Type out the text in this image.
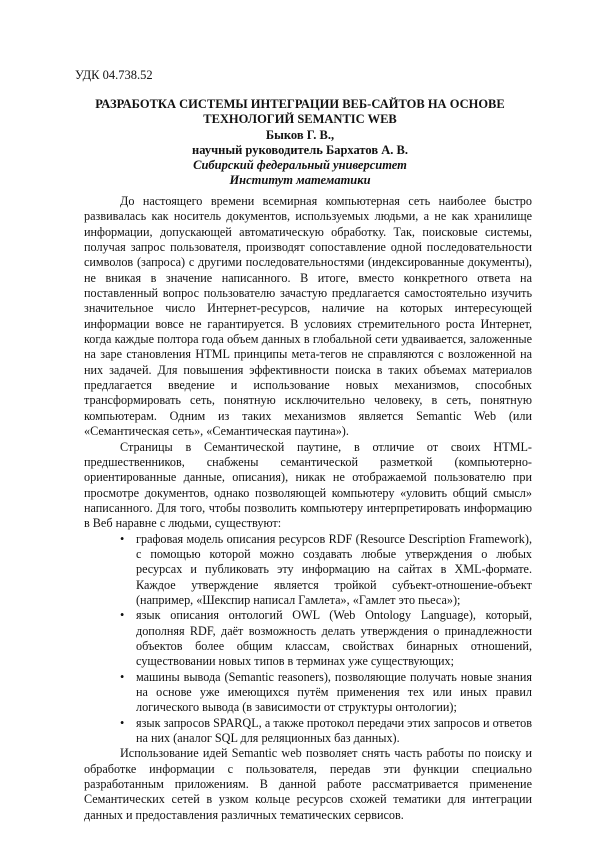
УДК 04.738.52
РАЗРАБОТКА СИСТЕМЫ ИНТЕГРАЦИИ ВЕБ-САЙТОВ НА ОСНОВЕ
ТЕХНОЛОГИЙ SEMANTIC WEB
Быков Г. В.,
научный руководитель Бархатов А. В.
Сибирский федеральный университет
Институт математики

До настоящего времени всемирная компьютерная сеть наиболее быстро развивалась как носитель документов, используемых людьми, а не как хранилище информации, допускающей автоматическую обработку. Так, поисковые системы, получая запрос пользователя, производят сопоставление одной последовательности символов (запроса) с другими последовательностями (индексированные документы), не вникая в значение написанного. В итоге, вместо конкретного ответа на поставленный вопрос пользователю зачастую предлагается самостоятельно изучить значительное число Интернет-ресурсов, наличие на которых интересующей информации вовсе не гарантируется. В условиях стремительного роста Интернет, когда каждые полтора года объем данных в глобальной сети удваивается, заложенные на заре становления HTML принципы мета-тегов не справляются с возложенной на них задачей. Для повышения эффективности поиска в таких объемах материалов предлагается введение и использование новых механизмов, способных трансформировать сеть, понятную исключительно человеку, в сеть, понятную компьютерам. Одним из таких механизмов является Semantic Web (или «Семантическая сеть», «Семантическая паутина»).

Страницы в Семантической паутине, в отличие от своих HTML-предшественников, снабжены семантической разметкой (компьютерно-ориентированные данные, описания), никак не отображаемой пользователю при просмотре документов, однако позволяющей компьютеру «уловить общий смысл» написанного. Для того, чтобы позволить компьютеру интерпретировать информацию в Веб наравне с людьми, существуют:

• графовая модель описания ресурсов RDF (Resource Description Framework), с помощью которой можно создавать любые утверждения о любых ресурсах и публиковать эту информацию на сайтах в XML-формате. Каждое утверждение является тройкой субъект-отношение-объект (например, «Шекспир написал Гамлета», «Гамлет это пьеса»);
• язык описания онтологий OWL (Web Ontology Language), который, дополняя RDF, даёт возможность делать утверждения о принадлежности объектов более общим классам, свойствах бинарных отношений, существовании новых типов в терминах уже существующих;
• машины вывода (Semantic reasoners), позволяющие получать новые знания на основе уже имеющихся путём применения тех или иных правил логического вывода (в зависимости от структуры онтологии);
• язык запросов SPARQL, а также протокол передачи этих запросов и ответов на них (аналог SQL для реляционных баз данных).

Использование идей Semantic web позволяет снять часть работы по поиску и обработке информации с пользователя, передав эти функции специально разработанным приложениям. В данной работе рассматривается применение Семантических сетей в узком кольце ресурсов схожей тематики для интеграции данных и предоставления различных тематических сервисов.
